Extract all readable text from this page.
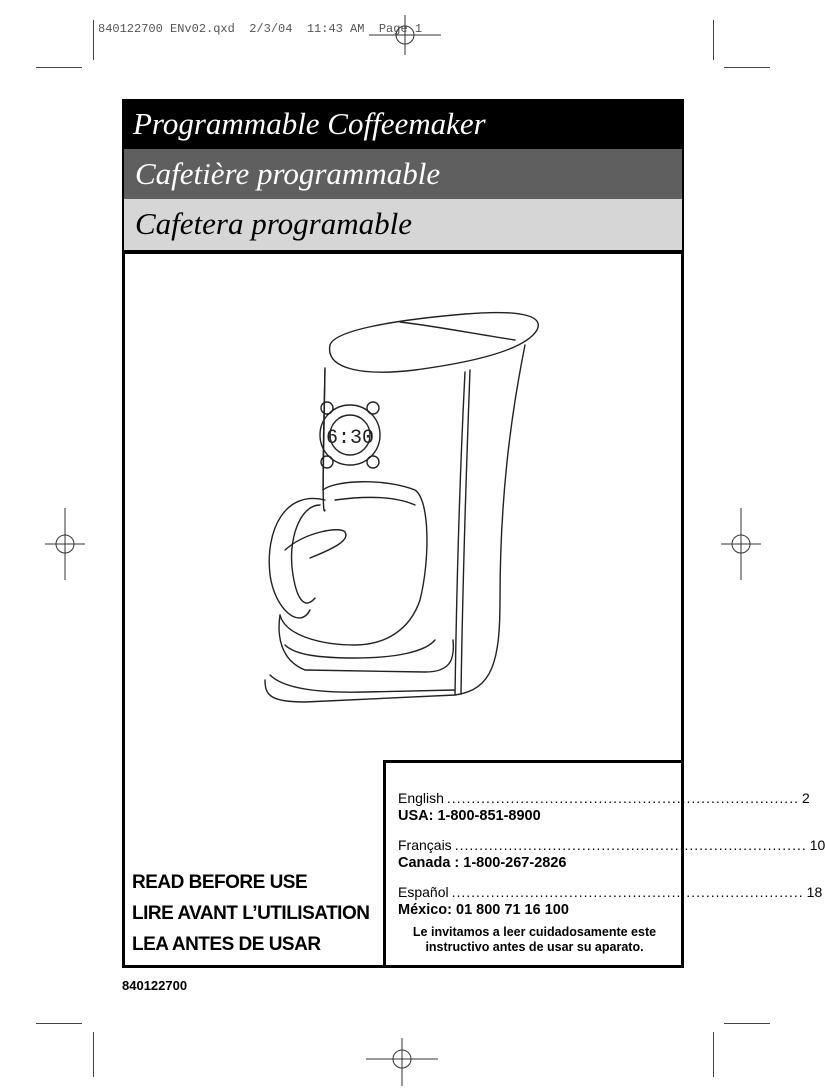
840122700 ENv02.qxd  2/3/04  11:43 AM  Page 1
Programmable Coffeemaker
Cafetière programmable
Cafetera programable
6:30
READ BEFORE USE
LIRE AVANT L’UTILISATION
LEA ANTES DE USAR
English ........................................................................ 2
USA: 1-800-851-8900
Français ........................................................................ 10
Canada : 1-800-267-2826
Español ........................................................................ 18
México: 01 800 71 16 100
Le invitamos a leer cuidadosamente este instructivo antes de usar su aparato.
840122700
